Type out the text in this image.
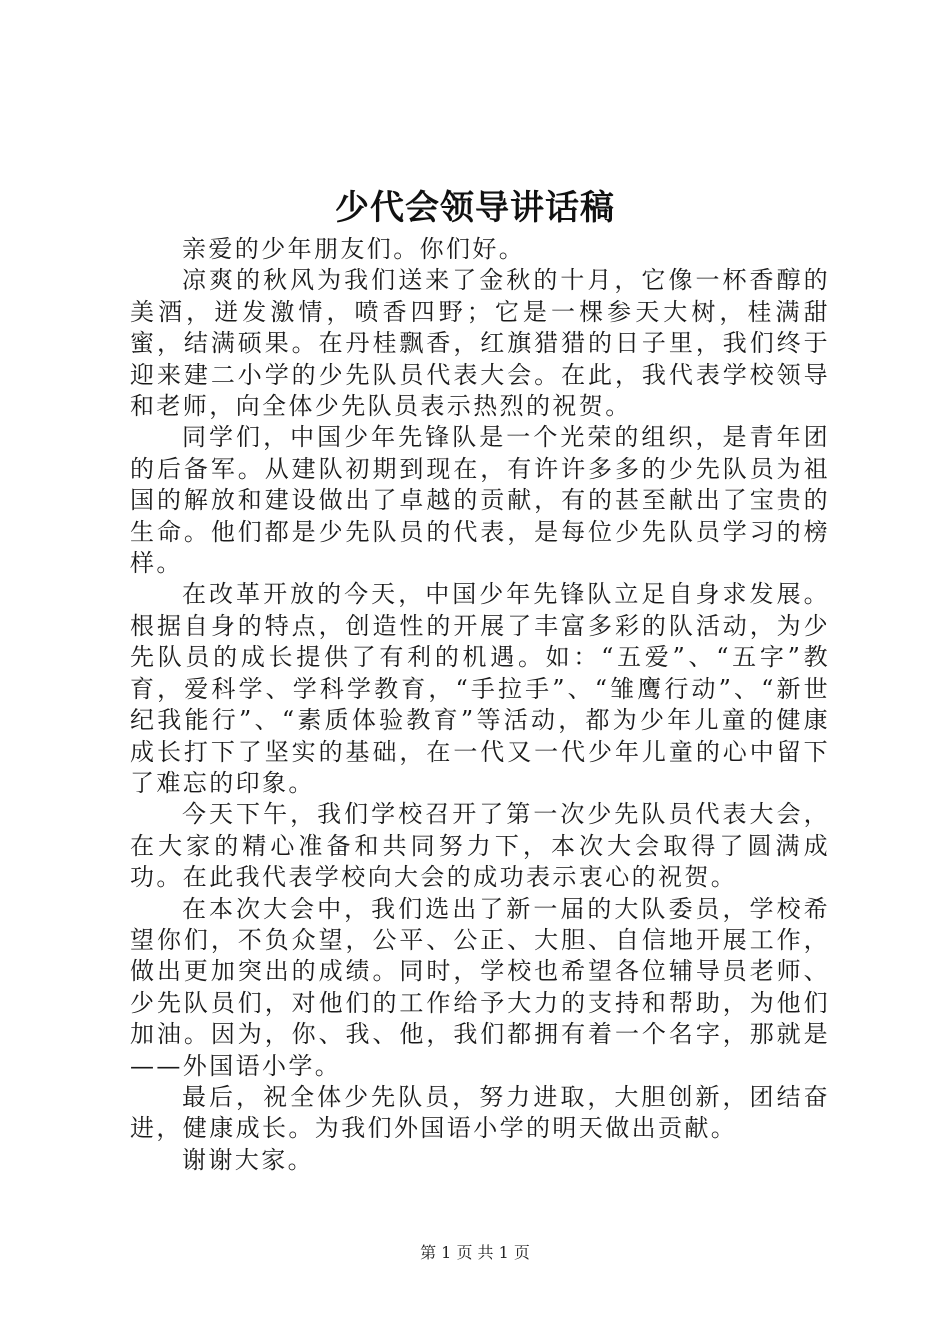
少代会领导讲话稿

亲爱的少年朋友们。你们好。

凉爽的秋风为我们送来了金秋的十月，它像一杯香醇的美酒，迸发激情，喷香四野；它是一棵参天大树，桂满甜蜜，结满硕果。在丹桂飘香，红旗猎猎的日子里，我们终于迎来建二小学的少先队员代表大会。在此，我代表学校领导和老师，向全体少先队员表示热烈的祝贺。

同学们，中国少年先锋队是一个光荣的组织，是青年团的后备军。从建队初期到现在，有许许多多的少先队员为祖国的解放和建设做出了卓越的贡献，有的甚至献出了宝贵的生命。他们都是少先队员的代表，是每位少先队员学习的榜样。

在改革开放的今天，中国少年先锋队立足自身求发展。根据自身的特点，创造性的开展了丰富多彩的队活动，为少先队员的成长提供了有利的机遇。如：“五爱”、“五字”教育，爱科学、学科学教育，“手拉手”、“雏鹰行动”、“新世纪我能行”、“素质体验教育”等活动，都为少年儿童的健康成长打下了坚实的基础，在一代又一代少年儿童的心中留下了难忘的印象。

今天下午，我们学校召开了第一次少先队员代表大会，在大家的精心准备和共同努力下，本次大会取得了圆满成功。在此我代表学校向大会的成功表示衷心的祝贺。

在本次大会中，我们选出了新一届的大队委员，学校希望你们，不负众望，公平、公正、大胆、自信地开展工作，做出更加突出的成绩。同时，学校也希望各位辅导员老师、少先队员们，对他们的工作给予大力的支持和帮助，为他们加油。因为，你、我、他，我们都拥有着一个名字，那就是——外国语小学。

最后，祝全体少先队员，努力进取，大胆创新，团结奋进，健康成长。为我们外国语小学的明天做出贡献。

谢谢大家。

第 1 页 共 1 页
